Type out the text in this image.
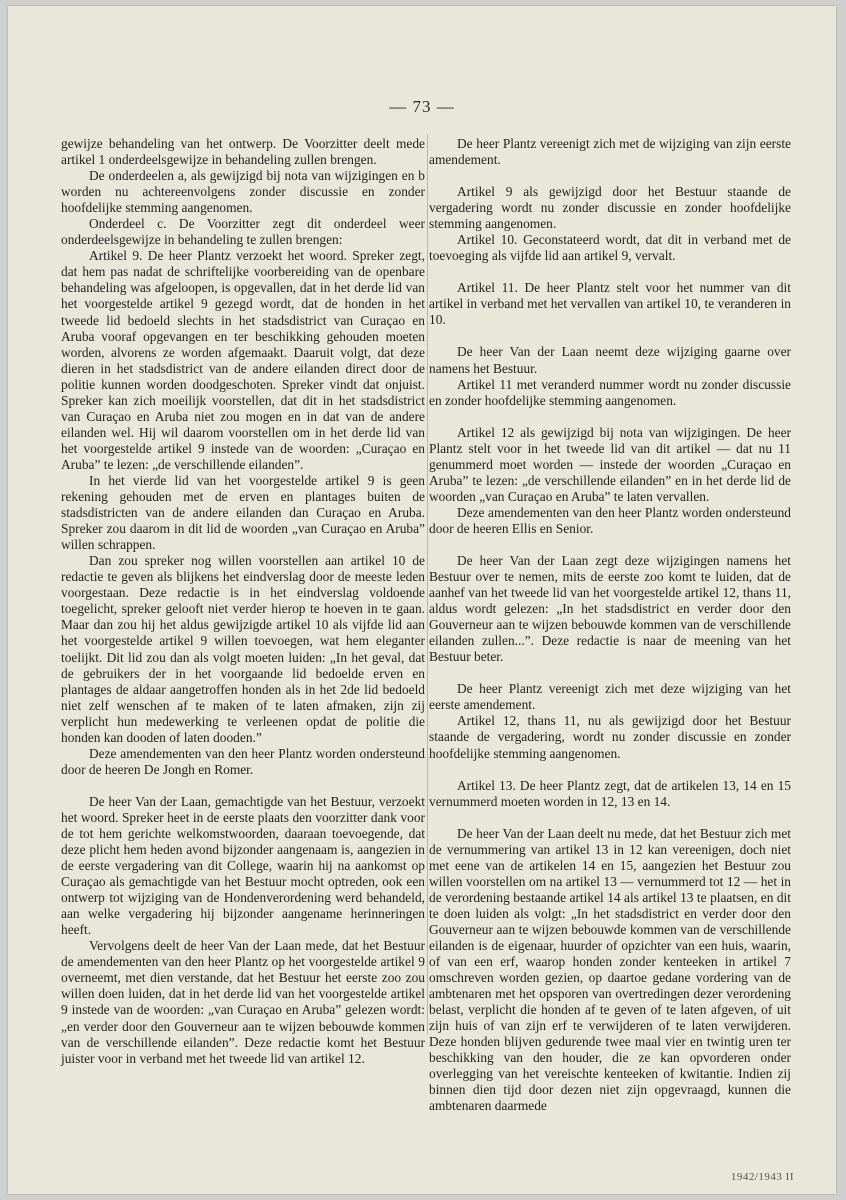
— 73 —

gewijze behandeling van het ontwerp. De Voorzitter deelt mede artikel 1 onderdeelsgewijze in behandeling zullen brengen.

De onderdeelen a, als gewijzigd bij nota van wijzigingen en b worden nu achtereenvolgens zonder discussie en zonder hoofdelijke stemming aangenomen.

Onderdeel c. De Voorzitter zegt dit onderdeel weer onderdeelsgewijze in behandeling te zullen brengen:

Artikel 9. De heer Plantz verzoekt het woord. Spreker zegt, dat hem pas nadat de schriftelijke voorbereiding van de openbare behandeling was afgeloopen, is opgevallen, dat in het derde lid van het voorgestelde artikel 9 gezegd wordt, dat de honden in het tweede lid bedoeld slechts in het stadsdistrict van Curaçao en Aruba vooraf opgevangen en ter beschikking gehouden moeten worden, alvorens ze worden afgemaakt. Daaruit volgt, dat deze dieren in het stadsdistrict van de andere eilanden direct door de politie kunnen worden doodgeschoten. Spreker vindt dat onjuist. Spreker kan zich moeilijk voorstellen, dat dit in het stadsdistrict van Curaçao en Aruba niet zou mogen en in dat van de andere eilanden wel. Hij wil daarom voorstellen om in het derde lid van het voorgestelde artikel 9 instede van de woorden: „Curaçao en Aruba” te lezen: „de verschillende eilanden”.

In het vierde lid van het voorgestelde artikel 9 is geen rekening gehouden met de erven en plantages buiten de stadsdistricten van de andere eilanden dan Curaçao en Aruba. Spreker zou daarom in dit lid de woorden „van Curaçao en Aruba” willen schrappen.

Dan zou spreker nog willen voorstellen aan artikel 10 de redactie te geven als blijkens het eindverslag door de meeste leden voorgestaan. Deze redactie is in het eindverslag voldoende toegelicht, spreker gelooft niet verder hierop te hoeven in te gaan. Maar dan zou hij het aldus gewijzigde artikel 10 als vijfde lid aan het voorgestelde artikel 9 willen toevoegen, wat hem eleganter toelijkt. Dit lid zou dan als volgt moeten luiden: „In het geval, dat de gebruikers der in het voorgaande lid bedoelde erven en plantages de aldaar aangetroffen honden als in het 2de lid bedoeld niet zelf wenschen af te maken of te laten afmaken, zijn zij verplicht hun medewerking te verleenen opdat de politie die honden kan dooden of laten dooden.”

Deze amendementen van den heer Plantz worden ondersteund door de heeren De Jongh en Romer.

De heer Van der Laan, gemachtigde van het Bestuur, verzoekt het woord. Spreker heet in de eerste plaats den voorzitter dank voor de tot hem gerichte welkomstwoorden, daaraan toevoegende, dat deze plicht hem heden avond bijzonder aangenaam is, aangezien in de eerste vergadering van dit College, waarin hij na aankomst op Curaçao als gemachtigde van het Bestuur mocht optreden, ook een ontwerp tot wijziging van de Hondenverordening werd behandeld, aan welke vergadering hij bijzonder aangename herinneringen heeft.

Vervolgens deelt de heer Van der Laan mede, dat het Bestuur de amendementen van den heer Plantz op het voorgestelde artikel 9 overneemt, met dien verstande, dat het Bestuur het eerste zoo zou willen doen luiden, dat in het derde lid van het voorgestelde artikel 9 instede van de woorden: „van Curaçao en Aruba” gelezen wordt: „en verder door den Gouverneur aan te wijzen bebouwde kommen van de verschillende eilanden”. Deze redactie komt het Bestuur juister voor in verband met het tweede lid van artikel 12.

De heer Plantz vereenigt zich met de wijziging van zijn eerste amendement.

Artikel 9 als gewijzigd door het Bestuur staande de vergadering wordt nu zonder discussie en zonder hoofdelijke stemming aangenomen.

Artikel 10. Geconstateerd wordt, dat dit in verband met de toevoeging als vijfde lid aan artikel 9, vervalt.

Artikel 11. De heer Plantz stelt voor het nummer van dit artikel in verband met het vervallen van artikel 10, te veranderen in 10.

De heer Van der Laan neemt deze wijziging gaarne over namens het Bestuur.

Artikel 11 met veranderd nummer wordt nu zonder discussie en zonder hoofdelijke stemming aangenomen.

Artikel 12 als gewijzigd bij nota van wijzigingen. De heer Plantz stelt voor in het tweede lid van dit artikel — dat nu 11 genummerd moet worden — instede der woorden „Curaçao en Aruba” te lezen: „de verschillende eilanden” en in het derde lid de woorden „van Curaçao en Aruba” te laten vervallen.

Deze amendementen van den heer Plantz worden ondersteund door de heeren Ellis en Senior.

De heer Van der Laan zegt deze wijzigingen namens het Bestuur over te nemen, mits de eerste zoo komt te luiden, dat de aanhef van het tweede lid van het voorgestelde artikel 12, thans 11, aldus wordt gelezen: „In het stadsdistrict en verder door den Gouverneur aan te wijzen bebouwde kommen van de verschillende eilanden zullen...”. Deze redactie is naar de meening van het Bestuur beter.

De heer Plantz vereenigt zich met deze wijziging van het eerste amendement.

Artikel 12, thans 11, nu als gewijzigd door het Bestuur staande de vergadering, wordt nu zonder discussie en zonder hoofdelijke stemming aangenomen.

Artikel 13. De heer Plantz zegt, dat de artikelen 13, 14 en 15 vernummerd moeten worden in 12, 13 en 14.

De heer Van der Laan deelt nu mede, dat het Bestuur zich met de vernummering van artikel 13 in 12 kan vereenigen, doch niet met eene van de artikelen 14 en 15, aangezien het Bestuur zou willen voorstellen om na artikel 13 — vernummerd tot 12 — het in de verordening bestaande artikel 14 als artikel 13 te plaatsen, en dit te doen luiden als volgt: „In het stadsdistrict en verder door den Gouverneur aan te wijzen bebouwde kommen van de verschillende eilanden is de eigenaar, huurder of opzichter van een huis, waarin, of van een erf, waarop honden zonder kenteeken in artikel 7 omschreven worden gezien, op daartoe gedane vordering van de ambtenaren met het opsporen van overtredingen dezer verordening belast, verplicht die honden af te geven of te laten afgeven, of uit zijn huis of van zijn erf te verwijderen of te laten verwijderen. Deze honden blijven gedurende twee maal vier en twintig uren ter beschikking van den houder, die ze kan opvorderen onder overlegging van het vereischte kenteeken of kwitantie. Indien zij binnen dien tijd door dezen niet zijn opgevraagd, kunnen die ambtenaren daarmede

1942/1943 II
